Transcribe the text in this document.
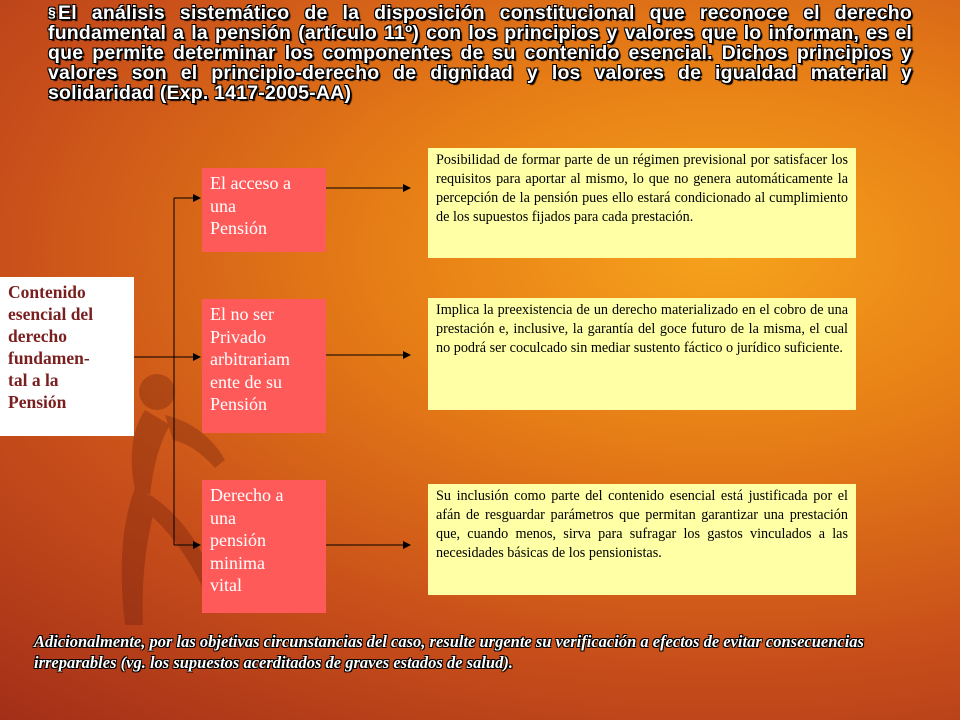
§ El análisis sistemático de la disposición constitucional que reconoce el derecho fundamental a la pensión (artículo 11º) con los principios y valores que lo informan, es el que permite determinar los componentes de su contenido esencial. Dichos principios y valores son el principio-derecho de dignidad y los valores de igualdad material y solidaridad (Exp. 1417-2005-AA)
Contenido
esencial del
derecho
fundamen-
tal a la
Pensión
El acceso a
una
Pensión
El no ser
Privado
arbitrariam
ente de su
Pensión
Derecho a
una
pensión
minima
vital
Posibilidad de formar parte de un régimen previsional por satisfacer los requisitos para aportar al mismo, lo que no genera automáticamente la percepción de la pensión pues ello estará condicionado al cumplimiento de los supuestos fijados para cada prestación.
Implica la preexistencia de un derecho materializado en el cobro de una prestación e, inclusive, la garantía del goce futuro de la misma, el cual no podrá ser coculcado sin mediar sustento fáctico o jurídico suficiente.
Su inclusión como parte del contenido esencial está justificada por el afán de resguardar parámetros que permitan garantizar una prestación que, cuando menos, sirva para sufragar los gastos vinculados a las necesidades básicas de los pensionistas.
Adicionalmente, por las objetivas circunstancias del caso, resulte urgente su verificación a efectos de evitar consecuencias irreparables (vg. los supuestos acerditados de graves estados de salud).
